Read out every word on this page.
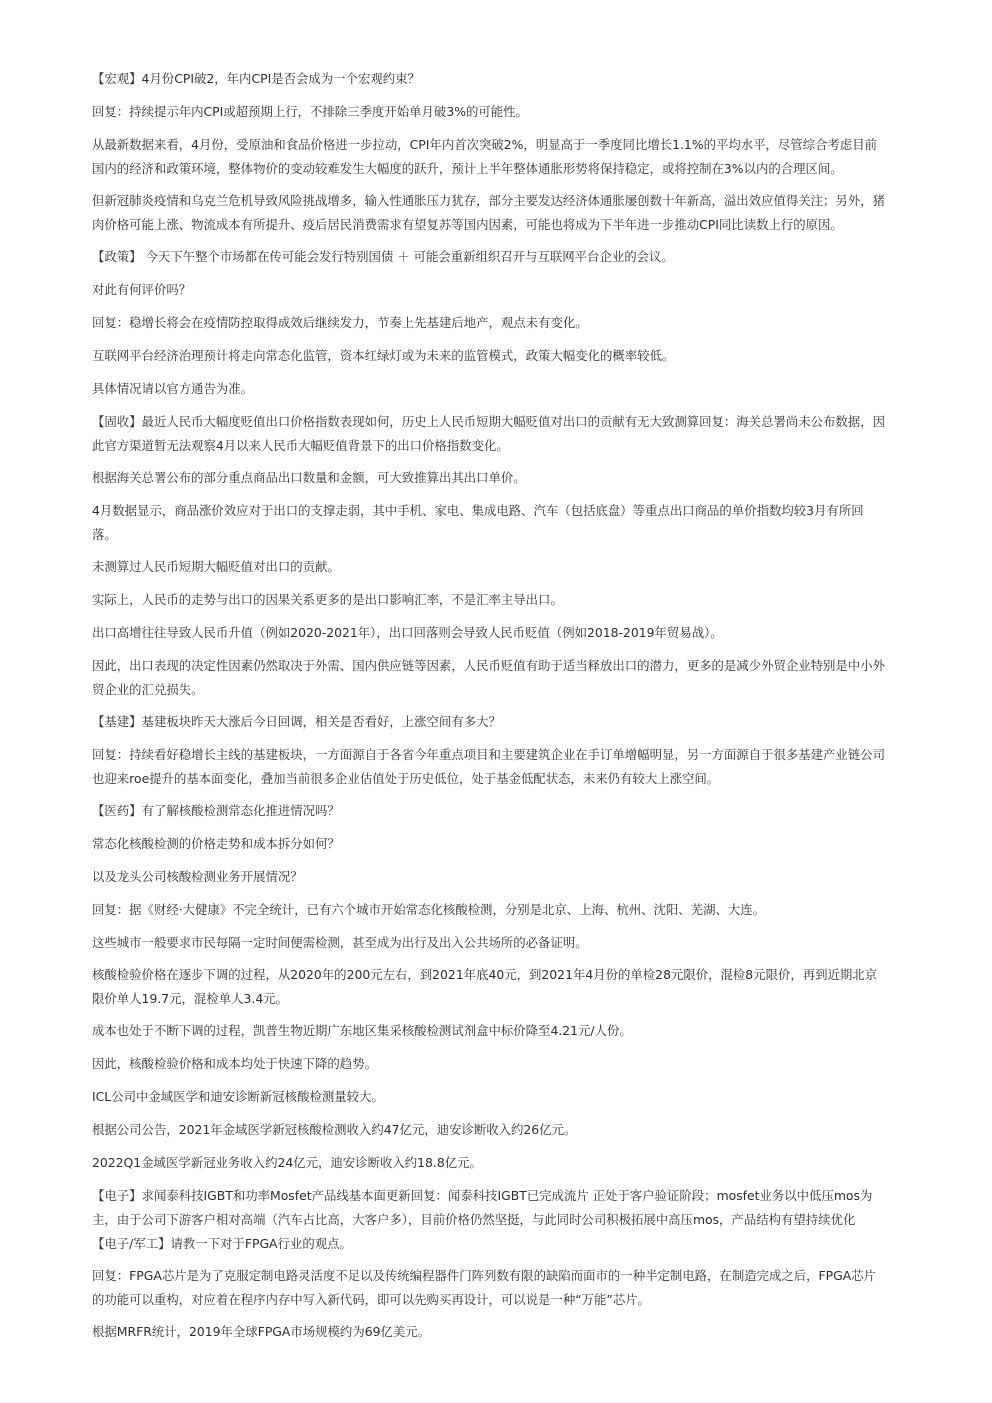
【宏观】4月份CPI破2，年内CPI是否会成为一个宏观约束？
回复：持续提示年内CPI或超预期上行，不排除三季度开始单月破3%的可能性。
从最新数据来看，4月份，受原油和食品价格进一步拉动，CPI年内首次突破2%，明显高于一季度同比增长1.1%的平均水平，尽管综合考虑目前
国内的经济和政策环境，整体物价的变动较难发生大幅度的跃升，预计上半年整体通胀形势将保持稳定，或将控制在3%以内的合理区间。
但新冠肺炎疫情和乌克兰危机导致风险挑战增多，输入性通胀压力犹存，部分主要发达经济体通胀屡创数十年新高，溢出效应值得关注；另外，猪
肉价格可能上涨、物流成本有所提升、疫后居民消费需求有望复苏等国内因素，可能也将成为下半年进一步推动CPI同比读数上行的原因。
【政策】 今天下午整个市场都在传可能会发行特别国债 ＋ 可能会重新组织召开与互联网平台企业的会议。
对此有何评价吗？
回复：稳增长将会在疫情防控取得成效后继续发力，节奏上先基建后地产，观点未有变化。
互联网平台经济治理预计将走向常态化监管，资本红绿灯或为未来的监管模式，政策大幅变化的概率较低。
具体情况请以官方通告为准。
【固收】最近人民币大幅度贬值出口价格指数表现如何，历史上人民币短期大幅贬值对出口的贡献有无大致测算回复：海关总署尚未公布数据，因
此官方渠道暂无法观察4月以来人民币大幅贬值背景下的出口价格指数变化。
根据海关总署公布的部分重点商品出口数量和金额，可大致推算出其出口单价。
4月数据显示，商品涨价效应对于出口的支撑走弱，其中手机、家电、集成电路、汽车（包括底盘）等重点出口商品的单价指数均较3月有所回
落。
未测算过人民币短期大幅贬值对出口的贡献。
实际上，人民币的走势与出口的因果关系更多的是出口影响汇率，不是汇率主导出口。
出口高增往往导致人民币升值（例如2020-2021年），出口回落则会导致人民币贬值（例如2018-2019年贸易战）。
因此，出口表现的决定性因素仍然取决于外需、国内供应链等因素，人民币贬值有助于适当释放出口的潜力，更多的是减少外贸企业特别是中小外
贸企业的汇兑损失。
【基建】基建板块昨天大涨后今日回调，相关是否看好，上涨空间有多大？
回复：持续看好稳增长主线的基建板块，一方面源自于各省今年重点项目和主要建筑企业在手订单增幅明显，另一方面源自于很多基建产业链公司
也迎来roe提升的基本面变化，叠加当前很多企业估值处于历史低位，处于基金低配状态，未来仍有较大上涨空间。
【医药】有了解核酸检测常态化推进情况吗？
常态化核酸检测的价格走势和成本拆分如何？
以及龙头公司核酸检测业务开展情况？
回复：据《财经·大健康》不完全统计，已有六个城市开始常态化核酸检测，分别是北京、上海、杭州、沈阳、芜湖、大连。
这些城市一般要求市民每隔一定时间便需检测，甚至成为出行及出入公共场所的必备证明。
核酸检验价格在逐步下调的过程，从2020年的200元左右，到2021年底40元，到2021年4月份的单检28元限价，混检8元限价，再到近期北京
限价单人19.7元，混检单人3.4元。
成本也处于不断下调的过程，凯普生物近期广东地区集采核酸检测试剂盒中标价降至4.21元/人份。
因此，核酸检验价格和成本均处于快速下降的趋势。
ICL公司中金域医学和迪安诊断新冠核酸检测量较大。
根据公司公告，2021年金域医学新冠核酸检测收入约47亿元，迪安诊断收入约26亿元。
2022Q1金域医学新冠业务收入约24亿元，迪安诊断收入约18.8亿元。
【电子】求闻泰科技IGBT和功率Mosfet产品线基本面更新回复：闻泰科技IGBT已完成流片 正处于客户验证阶段；mosfet业务以中低压mos为
主，由于公司下游客户相对高端（汽车占比高，大客户多），目前价格仍然坚挺，与此同时公司积极拓展中高压mos，产品结构有望持续优化
【电子/军工】请教一下对于FPGA行业的观点。
回复：FPGA芯片是为了克服定制电路灵活度不足以及传统编程器件门阵列数有限的缺陷而面市的一种半定制电路，在制造完成之后，FPGA芯片
的功能可以重构，对应着在程序内存中写入新代码，即可以先购买再设计，可以说是一种“万能”芯片。
根据MRFR统计，2019年全球FPGA市场规模约为69亿美元。
